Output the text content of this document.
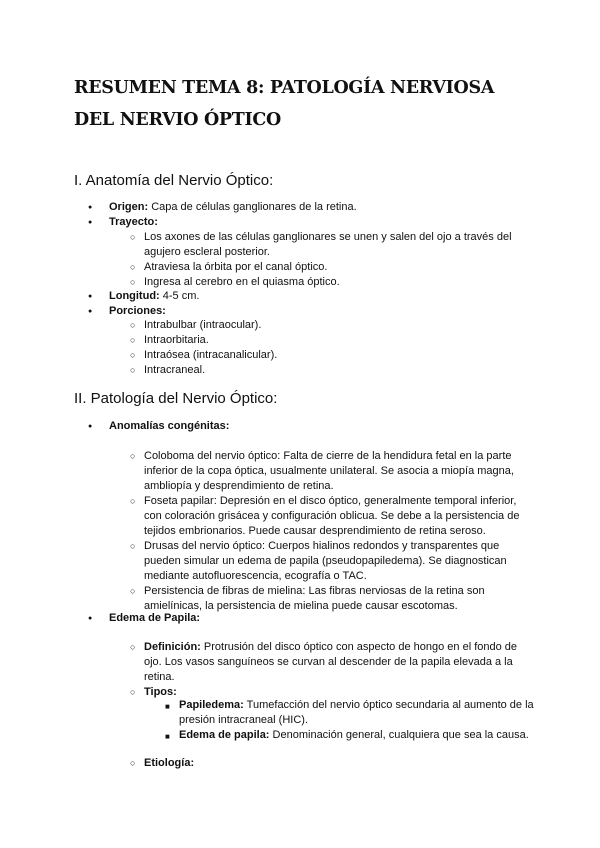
RESUMEN TEMA 8: PATOLOGÍA NERVIOSA DEL NERVIO ÓPTICO
I. Anatomía del Nervio Óptico:
● Origen: Capa de células ganglionares de la retina.
● Trayecto:
○ Los axones de las células ganglionares se unen y salen del ojo a través del agujero escleral posterior.
○ Atraviesa la órbita por el canal óptico.
○ Ingresa al cerebro en el quiasma óptico.
● Longitud: 4-5 cm.
● Porciones:
○ Intrabulbar (intraocular).
○ Intraorbitaria.
○ Intraósea (intracanalicular).
○ Intracraneal.
II. Patología del Nervio Óptico:
● Anomalías congénitas:
○ Coloboma del nervio óptico: Falta de cierre de la hendidura fetal en la parte inferior de la copa óptica, usualmente unilateral. Se asocia a miopía magna, ambliopía y desprendimiento de retina.
○ Foseta papilar: Depresión en el disco óptico, generalmente temporal inferior, con coloración grisácea y configuración oblicua. Se debe a la persistencia de tejidos embrionarios. Puede causar desprendimiento de retina seroso.
○ Drusas del nervio óptico: Cuerpos hialinos redondos y transparentes que pueden simular un edema de papila (pseudopapiledema). Se diagnostican mediante autofluorescencia, ecografía o TAC.
○ Persistencia de fibras de mielina: Las fibras nerviosas de la retina son amielínicas, la persistencia de mielina puede causar escotomas.
● Edema de Papila:
○ Definición: Protrusión del disco óptico con aspecto de hongo en el fondo de ojo. Los vasos sanguíneos se curvan al descender de la papila elevada a la retina.
○ Tipos:
■ Papiledema: Tumefacción del nervio óptico secundaria al aumento de la presión intracraneal (HIC).
■ Edema de papila: Denominación general, cualquiera que sea la causa.
○ Etiología:
